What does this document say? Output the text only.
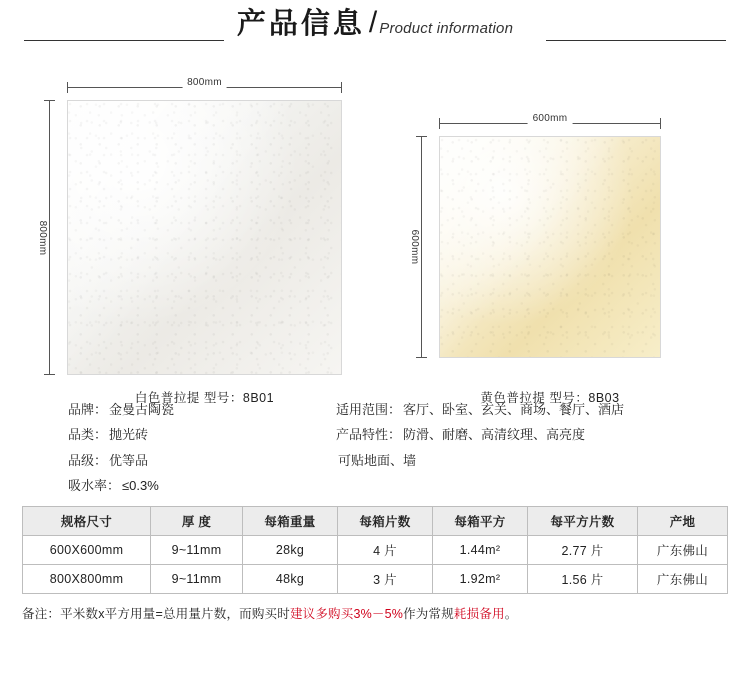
产品信息 / Product information
800mm
800mm
白色普拉提 型号：8B01
600mm
600mm
黄色普拉提 型号：8B03
品牌： 金曼古陶瓷
品类： 抛光砖
品级： 优等品
吸水率： ≤0.3%
适用范围： 客厅、卧室、玄关、商场、餐厅、酒店
产品特性： 防滑、耐磨、高清纹理、高亮度
可贴地面、墙
规格尺寸	厚 度	每箱重量	每箱片数	每箱平方	每平方片数	产地
600X600mm	9~11mm	28kg	4 片	1.44m²	2.77 片	广东佛山
800X800mm	9~11mm	48kg	3 片	1.92m²	1.56 片	广东佛山
备注：平米数x平方用量=总用量片数，而购买时建议多购买3%－5%作为常规耗损备用。
